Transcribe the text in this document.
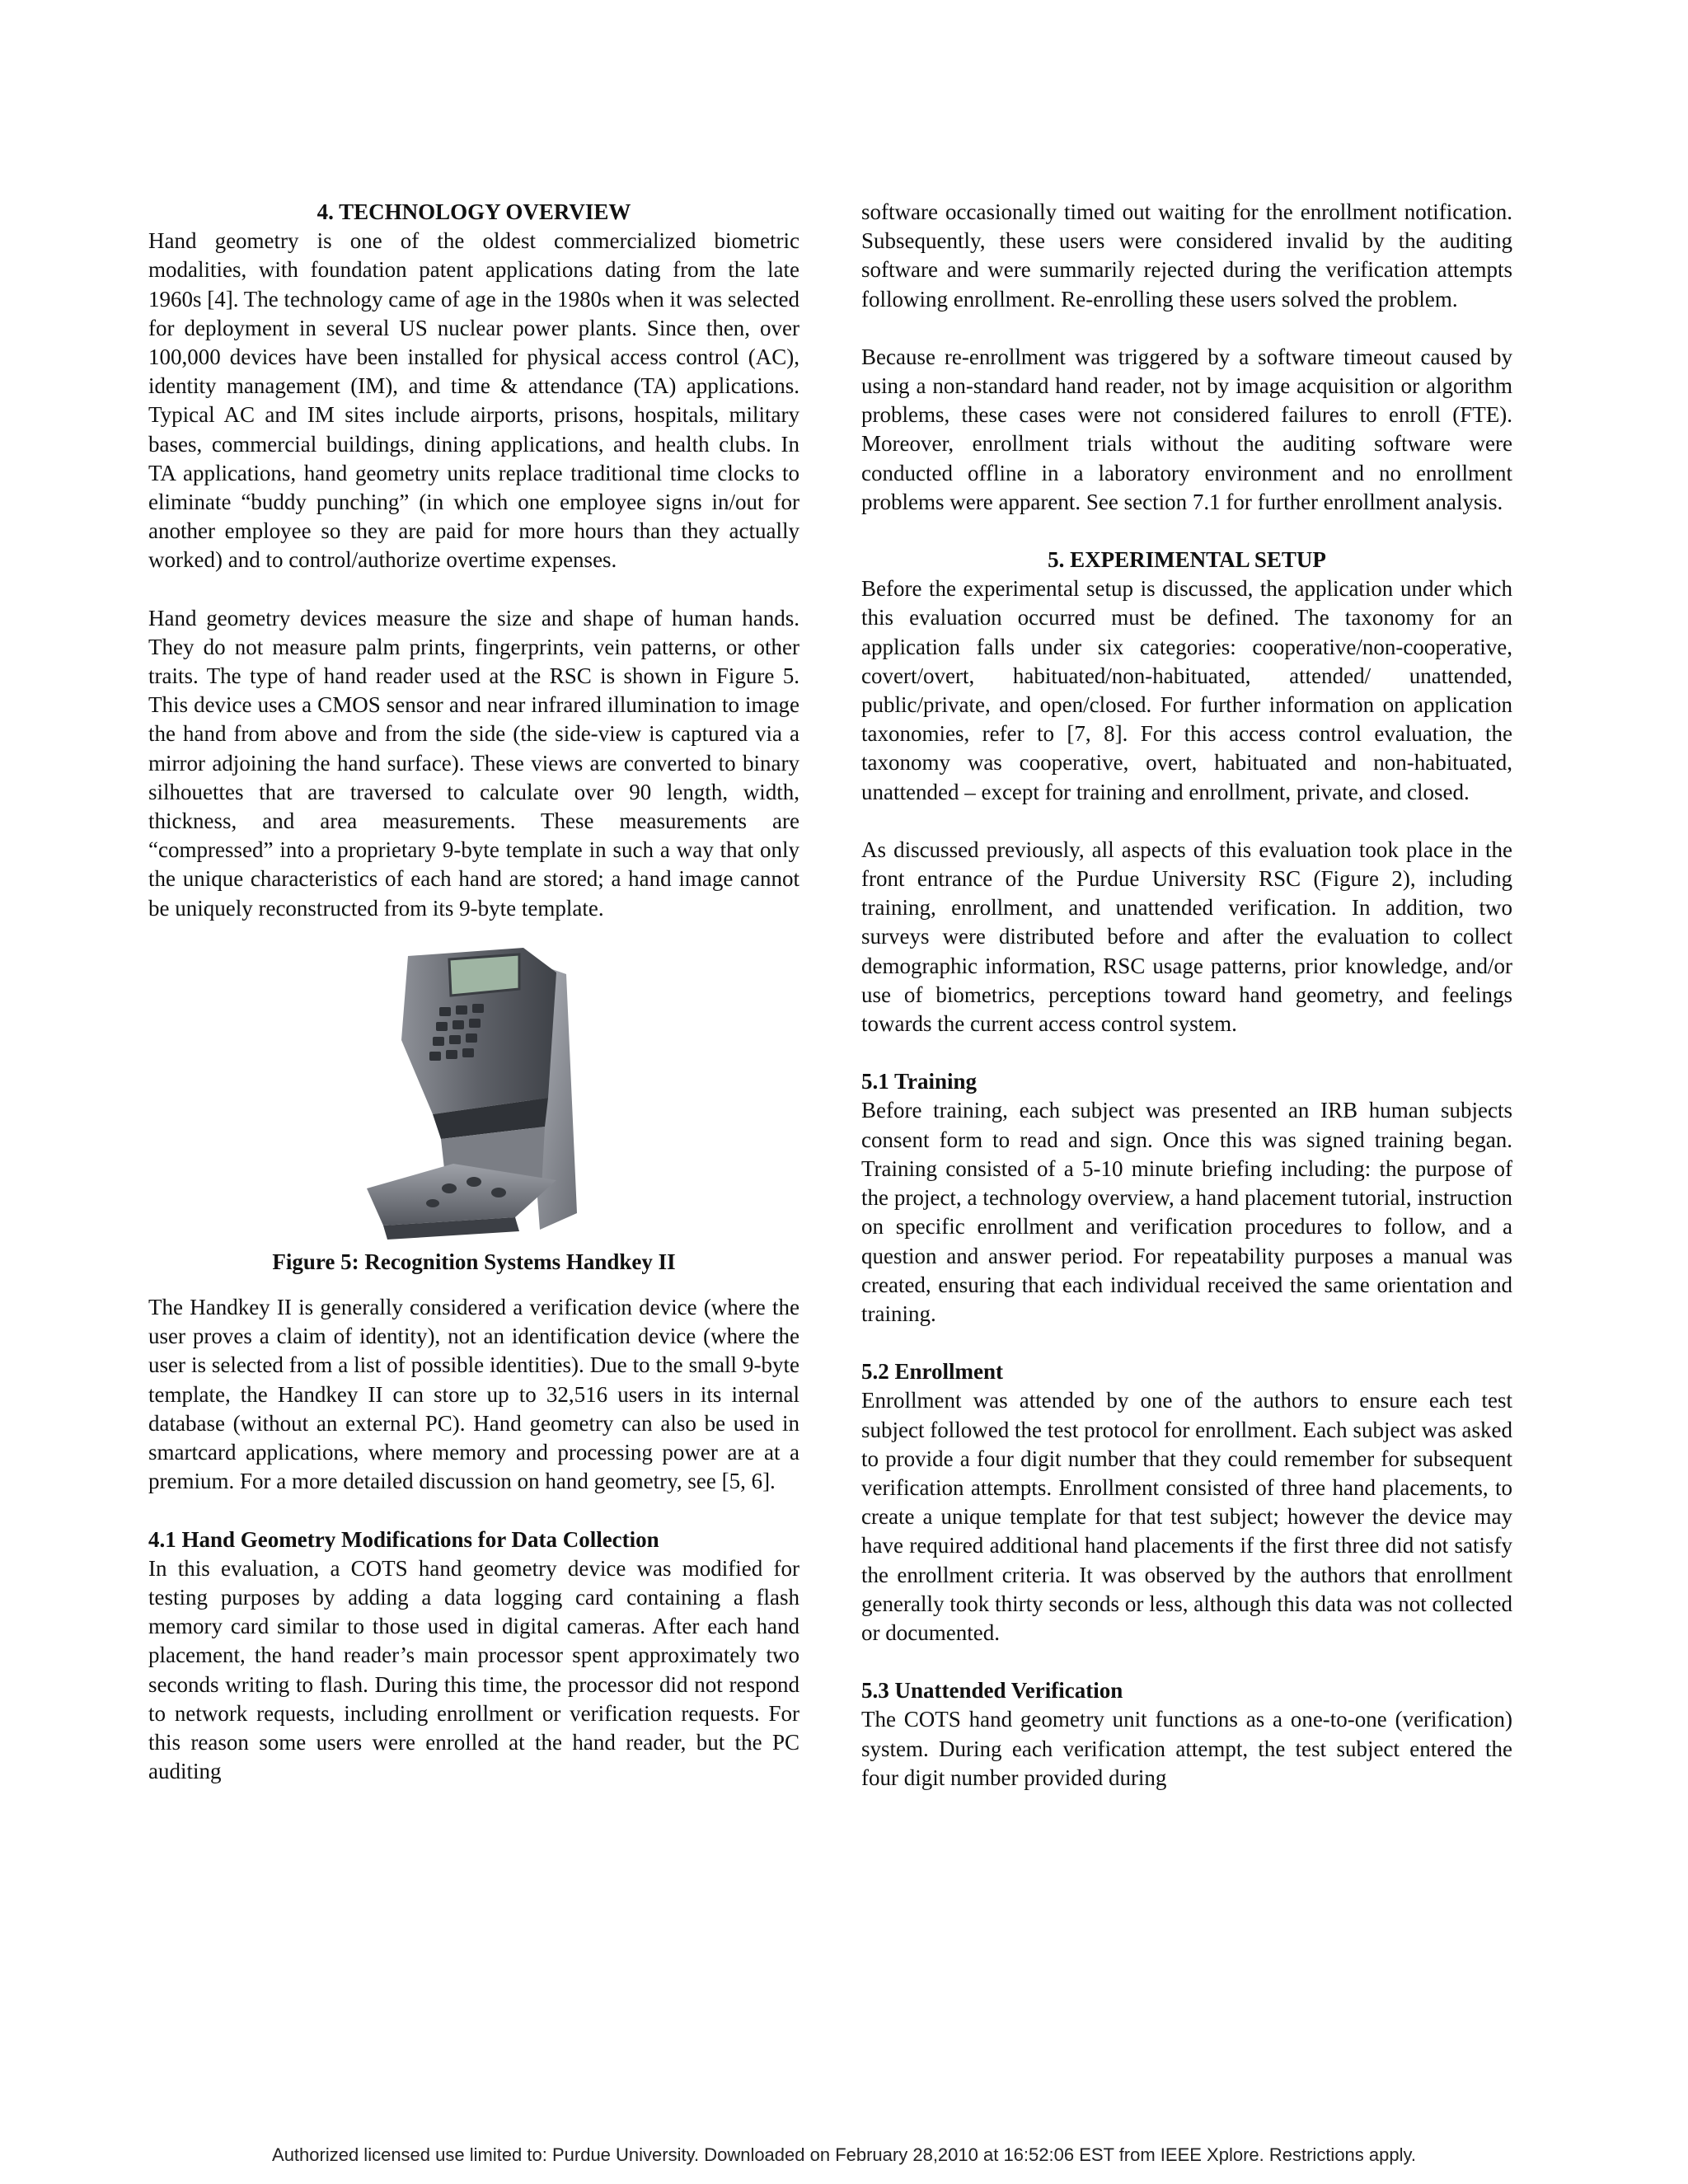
4. TECHNOLOGY OVERVIEW

Hand geometry is one of the oldest commercialized biometric modalities, with foundation patent applications dating from the late 1960s [4]. The technology came of age in the 1980s when it was selected for deployment in several US nuclear power plants. Since then, over 100,000 devices have been installed for physical access control (AC), identity management (IM), and time & attendance (TA) applications. Typical AC and IM sites include airports, prisons, hospitals, military bases, commercial buildings, dining applications, and health clubs. In TA applications, hand geometry units replace traditional time clocks to eliminate “buddy punching” (in which one employee signs in/out for another employee so they are paid for more hours than they actually worked) and to control/authorize overtime expenses.

Hand geometry devices measure the size and shape of human hands. They do not measure palm prints, fingerprints, vein patterns, or other traits. The type of hand reader used at the RSC is shown in Figure 5. This device uses a CMOS sensor and near infrared illumination to image the hand from above and from the side (the side-view is captured via a mirror adjoining the hand surface). These views are converted to binary silhouettes that are traversed to calculate over 90 length, width, thickness, and area measurements. These measurements are “compressed” into a proprietary 9-byte template in such a way that only the unique characteristics of each hand are stored; a hand image cannot be uniquely reconstructed from its 9-byte template.

Figure 5: Recognition Systems Handkey II

The Handkey II is generally considered a verification device (where the user proves a claim of identity), not an identification device (where the user is selected from a list of possible identities). Due to the small 9-byte template, the Handkey II can store up to 32,516 users in its internal database (without an external PC). Hand geometry can also be used in smartcard applications, where memory and processing power are at a premium. For a more detailed discussion on hand geometry, see [5, 6].

4.1 Hand Geometry Modifications for Data Collection

In this evaluation, a COTS hand geometry device was modified for testing purposes by adding a data logging card containing a flash memory card similar to those used in digital cameras. After each hand placement, the hand reader’s main processor spent approximately two seconds writing to flash. During this time, the processor did not respond to network requests, including enrollment or verification requests. For this reason some users were enrolled at the hand reader, but the PC auditing

software occasionally timed out waiting for the enrollment notification. Subsequently, these users were considered invalid by the auditing software and were summarily rejected during the verification attempts following enrollment. Re-enrolling these users solved the problem.

Because re-enrollment was triggered by a software timeout caused by using a non-standard hand reader, not by image acquisition or algorithm problems, these cases were not considered failures to enroll (FTE). Moreover, enrollment trials without the auditing software were conducted offline in a laboratory environment and no enrollment problems were apparent. See section 7.1 for further enrollment analysis.

5. EXPERIMENTAL SETUP

Before the experimental setup is discussed, the application under which this evaluation occurred must be defined. The taxonomy for an application falls under six categories: cooperative/non-cooperative, covert/overt, habituated/non-habituated, attended/ unattended, public/private, and open/closed. For further information on application taxonomies, refer to [7, 8]. For this access control evaluation, the taxonomy was cooperative, overt, habituated and non-habituated, unattended – except for training and enrollment, private, and closed.

As discussed previously, all aspects of this evaluation took place in the front entrance of the Purdue University RSC (Figure 2), including training, enrollment, and unattended verification. In addition, two surveys were distributed before and after the evaluation to collect demographic information, RSC usage patterns, prior knowledge, and/or use of biometrics, perceptions toward hand geometry, and feelings towards the current access control system.

5.1 Training

Before training, each subject was presented an IRB human subjects consent form to read and sign. Once this was signed training began. Training consisted of a 5-10 minute briefing including: the purpose of the project, a technology overview, a hand placement tutorial, instruction on specific enrollment and verification procedures to follow, and a question and answer period. For repeatability purposes a manual was created, ensuring that each individual received the same orientation and training.

5.2 Enrollment

Enrollment was attended by one of the authors to ensure each test subject followed the test protocol for enrollment. Each subject was asked to provide a four digit number that they could remember for subsequent verification attempts. Enrollment consisted of three hand placements, to create a unique template for that test subject; however the device may have required additional hand placements if the first three did not satisfy the enrollment criteria. It was observed by the authors that enrollment generally took thirty seconds or less, although this data was not collected or documented.

5.3 Unattended Verification

The COTS hand geometry unit functions as a one-to-one (verification) system. During each verification attempt, the test subject entered the four digit number provided during

Authorized licensed use limited to: Purdue University. Downloaded on February 28,2010 at 16:52:06 EST from IEEE Xplore. Restrictions apply.
